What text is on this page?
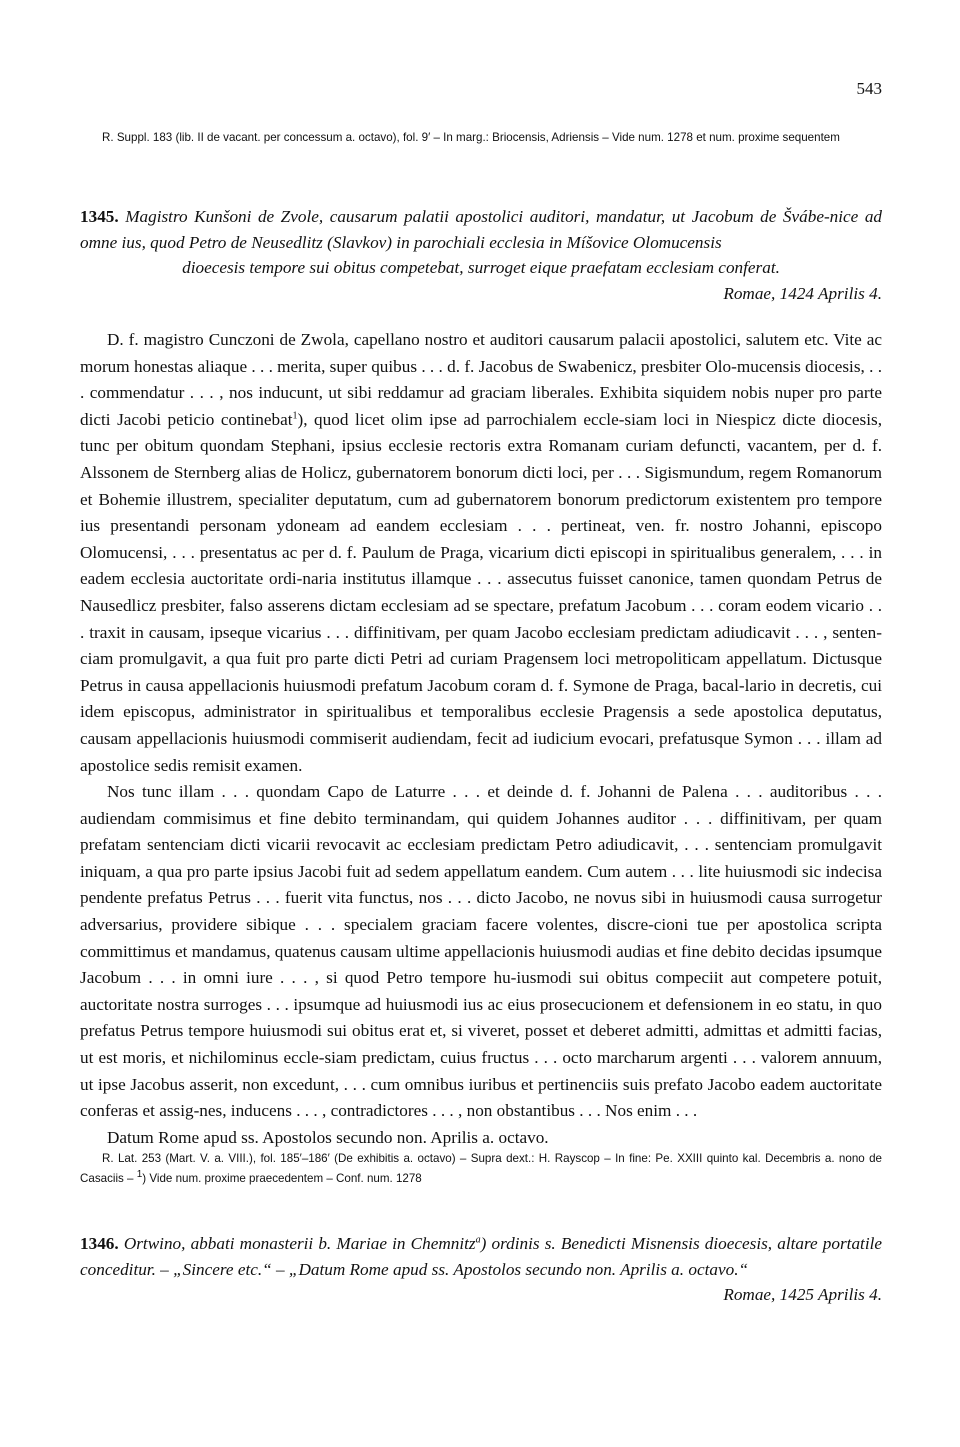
543

R. Suppl. 183 (lib. II de vacant. per concessum a. octavo), fol. 9′ – In marg.: Briocensis, Adriensis – Vide num. 1278 et num. proxime sequentem

1345. Magistro Kunšoni de Zvole, causarum palatii apostolici auditori, mandatur, ut Jacobum de Švábe-nice ad omne ius, quod Petro de Neusedlitz (Slavkov) in parochiali ecclesia in Míšovice Olomucensis
dioecesis tempore sui obitus competebat, surroget eique praefatam ecclesiam conferat.
Romae, 1424 Aprilis 4.

D. f. magistro Cunczoni de Zwola, capellano nostro et auditori causarum palacii apostolici, salutem etc. Vite ac morum honestas aliaque . . . merita, super quibus . . . d. f. Jacobus de Swabenicz, presbiter Olo-mucensis diocesis, . . . commendatur . . . , nos inducunt, ut sibi reddamur ad graciam liberales. Exhibita siquidem nobis nuper pro parte dicti Jacobi peticio continebat$^1$), quod licet olim ipse ad parrochialem eccle-siam loci in Niespicz dicte diocesis, tunc per obitum quondam Stephani, ipsius ecclesie rectoris extra Romanam curiam defuncti, vacantem, per d. f. Alssonem de Sternberg alias de Holicz, gubernatorem bonorum dicti loci, per . . . Sigismundum, regem Romanorum et Bohemie illustrem, specialiter deputatum, cum ad gubernatorem bonorum predictorum existentem pro tempore ius presentandi personam ydoneam ad eandem ecclesiam . . . pertineat, ven. fr. nostro Johanni, episcopo Olomucensi, . . . presentatus ac per d. f. Paulum de Praga, vicarium dicti episcopi in spiritualibus generalem, . . . in eadem ecclesia auctoritate ordi-naria institutus illamque . . . assecutus fuisset canonice, tamen quondam Petrus de Nausedlicz presbiter, falso asserens dictam ecclesiam ad se spectare, prefatum Jacobum . . . coram eodem vicario . . . traxit in causam, ipseque vicarius . . . diffinitivam, per quam Jacobo ecclesiam predictam adiudicavit . . . , senten-ciam promulgavit, a qua fuit pro parte dicti Petri ad curiam Pragensem loci metropoliticam appellatum. Dictusque Petrus in causa appellacionis huiusmodi prefatum Jacobum coram d. f. Symone de Praga, bacal-lario in decretis, cui idem episcopus, administrator in spiritualibus et temporalibus ecclesie Pragensis a sede apostolica deputatus, causam appellacionis huiusmodi commiserit audiendam, fecit ad iudicium evocari, prefatusque Symon . . . illam ad apostolice sedis remisit examen.

Nos tunc illam . . . quondam Capo de Laturre . . . et deinde d. f. Johanni de Palena . . . auditoribus . . . audiendam commisimus et fine debito terminandam, qui quidem Johannes auditor . . . diffinitivam, per quam prefatam sentenciam dicti vicarii revocavit ac ecclesiam predictam Petro adiudicavit, . . . sentenciam promulgavit iniquam, a qua pro parte ipsius Jacobi fuit ad sedem appellatum eandem. Cum autem . . . lite huiusmodi sic indecisa pendente prefatus Petrus . . . fuerit vita functus, nos . . . dicto Jacobo, ne novus sibi in huiusmodi causa surrogetur adversarius, providere sibique . . . specialem graciam facere volentes, discre-cioni tue per apostolica scripta committimus et mandamus, quatenus causam ultime appellacionis huiusmodi audias et fine debito decidas ipsumque Jacobum . . . in omni iure . . . , si quod Petro tempore hu-iusmodi sui obitus compeciit aut competere potuit, auctoritate nostra surroges . . . ipsumque ad huiusmodi ius ac eius prosecucionem et defensionem in eo statu, in quo prefatus Petrus tempore huiusmodi sui obitus erat et, si viveret, posset et deberet admitti, admittas et admitti facias, ut est moris, et nichilominus eccle-siam predictam, cuius fructus . . . octo marcharum argenti . . . valorem annuum, ut ipse Jacobus asserit, non excedunt, . . . cum omnibus iuribus et pertinenciis suis prefato Jacobo eadem auctoritate conferas et assig-nes, inducens . . . , contradictores . . . , non obstantibus . . . Nos enim . . .

Datum Rome apud ss. Apostolos secundo non. Aprilis a. octavo.

R. Lat. 253 (Mart. V. a. VIII.), fol. 185′–186′ (De exhibitis a. octavo) – Supra dext.: H. Rayscop – In fine: Pe. XXIII quinto kal. Decembris a. nono de Casaciis – $^1$) Vide num. proxime praecedentem – Conf. num. 1278

1346. Ortwino, abbati monasterii b. Mariae in Chemnitz$^a$) ordinis s. Benedicti Misnensis dioecesis, altare portatile conceditur. – „Sincere etc.“ – „Datum Rome apud ss. Apostolos secundo non. Aprilis a. octavo.“
Romae, 1425 Aprilis 4.
